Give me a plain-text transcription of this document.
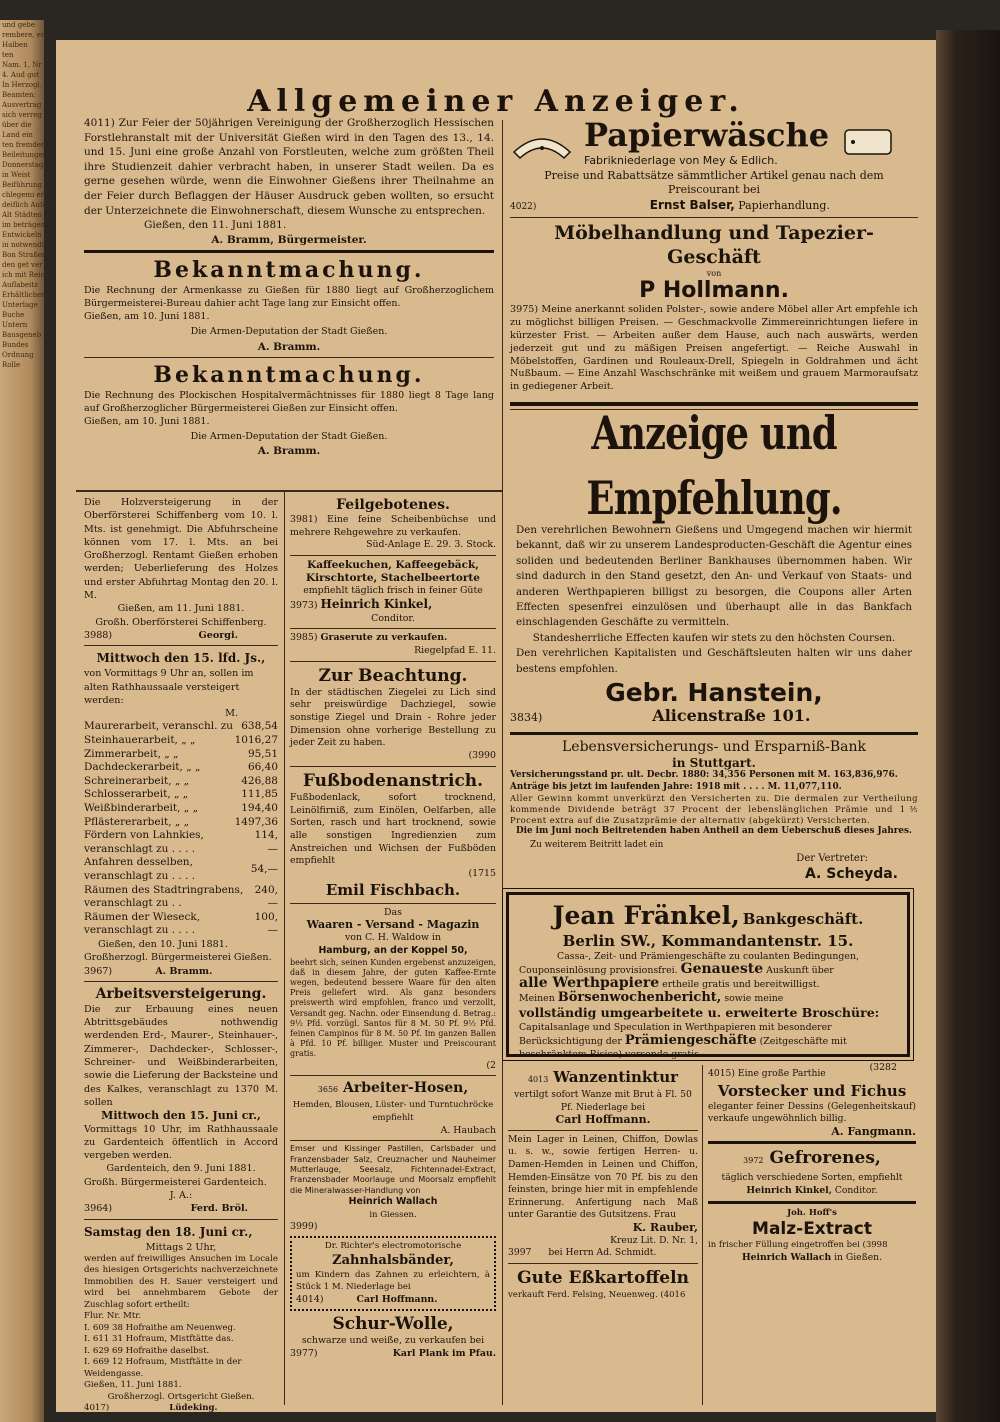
und gebe
rembere, ein
Halben
ten
Nam. 1, Nr
4. Aud gut
In Herzogl.
Beamten:
Ausvertrag
sich verreg
über die
Land ein
ten fremden
Beileitungen
Donnerstag,
in Weist
Beiführung
chlegemi er-
deiflich Aufend
Alt Städten
im beträgen
Entwickeln
in notwendig
Bon Straßen
den get ver
ich mit Reicht
Auflabeitz
Erhältlichen
Unterlage
Buche
Untern
Bausgeneb
Bundes
Ordnung
Rolle
Allgemeiner Anzeiger.

4011) Zur Feier der 50jährigen Vereinigung der Großherzoglich Hessischen Forstlehranstalt mit der Universität Gießen wird in den Tagen des 13., 14. und 15. Juni eine große Anzahl von Forstleuten, welche zum größten Theil ihre Studienzeit dahier verbracht haben, in unserer Stadt weilen. Da es gerne gesehen würde, wenn die Einwohner Gießens ihrer Theilnahme an der Feier durch Beflaggen der Häuser Ausdruck geben wollten, so ersucht der Unterzeichnete die Einwohnerschaft, diesem Wunsche zu entsprechen.

Gießen, den 11. Juni 1881.

A. Bramm, Bürgermeister.

Bekanntmachung.

Die Rechnung der Armenkasse zu Gießen für 1880 liegt auf Großherzoglichem Bürgermeisterei-Bureau dahier acht Tage lang zur Einsicht offen.

Gießen, am 10. Juni 1881.

Die Armen-Deputation der Stadt Gießen.

A. Bramm.

Bekanntmachung.

Die Rechnung des Plockischen Hospitalvermächtnisses für 1880 liegt 8 Tage lang auf Großherzoglicher Bürgermeisterei Gießen zur Einsicht offen.

Gießen, am 10. Juni 1881.

Die Armen-Deputation der Stadt Gießen.

A. Bramm.

Die Holzversteigerung in der Oberförsterei Schiffenberg vom 10. l. Mts. ist genehmigt. Die Abfuhrscheine können vom 17. l. Mts. an bei Großherzogl. Rentamt Gießen erhoben werden; Ueberlieferung des Holzes und erster Abfuhrtag Montag den 20. l. M.

Gießen, am 11. Juni 1881.

Großh. Oberförsterei Schiffenberg.

3988)	Georgi.

Mittwoch den 15. lfd. Js.,

von Vormittags 9 Uhr an, sollen im alten Rathhaussaale versteigert werden:

M.

Maurerarbeit, veranschl. zu	638,54
Steinhauerarbeit, „ „	1016,27
Zimmerarbeit, „ „	95,51
Dachdeckerarbeit, „ „	66,40
Schreinerarbeit, „ „	426,88
Schlosserarbeit, „ „	111,85
Weißbinderarbeit, „ „	194,40
Pflästererarbeit, „ „	1497,36
Fördern von Lahnkies, veranschlagt zu . . . .	114,—
Anfahren desselben, veranschlagt zu . . . .	54,—
Räumen des Stadtringrabens, veranschlagt zu . .	240,—
Räumen der Wieseck, veranschlagt zu . . . .	100,—

Gießen, den 10. Juni 1881.

Großherzogl. Bürgermeisterei Gießen.

3967)	A. Bramm.

Arbeitsversteigerung.

Die zur Erbauung eines neuen Abtrittsgebäudes nothwendig werdenden Erd-, Maurer-, Steinhauer-, Zimmerer-, Dachdecker-, Schlosser-, Schreiner- und Weißbinderarbeiten, sowie die Lieferung der Backsteine und des Kalkes, veranschlagt zu 1370 M. sollen

Mittwoch den 15. Juni cr.,

Vormittags 10 Uhr, im Rathhaussaale zu Gardenteich öffentlich in Accord vergeben werden.

Gardenteich, den 9. Juni 1881.

Großh. Bürgermeisterei Gardenteich.

J. A.:

3964)	Ferd. Bröl.

Samstag den 18. Juni cr.,

Mittags 2 Uhr,

werden auf freiwilliges Ansuchen im Locale des hiesigen Ortsgerichts nachverzeichnete Immobilien des H. Sauer versteigert und wird bei annehmbarem Gebote der Zuschlag sofort ertheilt:

Flur. Nr. Mtr.

I. 609 38 Hofraithe am Neuenweg.
I. 611 31 Hofraum, Mistftätte das.
I. 629 69 Hofraithe daselbst.
I. 669 12 Hofraum, Mistftätte in der Weidengasse.

Gießen, 11. Juni 1881.

Großherzogl. Ortsgericht Gießen.

4017)	Lüdeking.

Feilgebotenes.

3981) Eine feine Scheibenbüchse und mehrere Rehgewehre zu verkaufen.

Süd-Anlage E. 29. 3. Stock.

Kaffeekuchen, Kaffeegebäck, Kirschtorte, Stachelbeertorte

empfiehlt täglich frisch in feiner Güte

3973) Heinrich Kinkel,

Conditor.

3985) Graserute zu verkaufen.

Riegelpfad E. 11.

Zur Beachtung.

In der städtischen Ziegelei zu Lich sind sehr preiswürdige Dachziegel, sowie sonstige Ziegel und Drain - Rohre jeder Dimension ohne vorherige Bestellung zu jeder Zeit zu haben.

(3990

Fußbodenanstrich.

Fußbodenlack, sofort trocknend, Leinölfirniß, zum Einölen, Oelfarben, alle Sorten, rasch und hart trocknend, sowie alle sonstigen Ingredienzien zum Anstreichen und Wichsen der Fußböden empfiehlt

(1715

Emil Fischbach.

Das

Waaren - Versand - Magazin

von C. H. Waldow in

Hamburg, an der Koppel 50,

beehrt sich, seinen Kunden ergebenst anzuzeigen, daß in diesem Jahre, der guten Kaffee-Ernte wegen, bedeutend bessere Waare für den alten Preis geliefert wird. Als ganz besonders preiswerth wird empfohlen, franco und verzollt, Versandt geg. Nachn. oder Einsendung d. Betrag.: 9½ Pfd. vorzügl. Santos für 8 M. 50 Pf. 9½ Pfd. feinen Campinos für 8 M. 50 Pf. Im ganzen Ballen à Pfd. 10 Pf. billiger. Muster und Preiscourant gratis.

(2

3656 Arbeiter-Hosen,

Hemden, Blousen, Lüster- und Turntuchröcke empfiehlt

A. Haubach

Emser und Kissinger Pastillen, Carlsbader und Franzensbader Salz, Creuznacher und Nauheimer Mutterlauge, Seesalz, Fichtennadel-Extract, Franzensbader Moorlauge und Moorsalz empfiehlt die Mineralwasser-Handlung von

Heinrich Wallach

in Giessen.

3999)

Dr. Richter's electromotorische

Zahnhalsbänder,

um Kindern das Zahnen zu erleichtern, à Stück 1 M. Niederlage bei

4014)	Carl Hoffmann.

Schur-Wolle,

schwarze und weiße, zu verkaufen bei

3977)	Karl Plank im Pfau.

Papierwäsche
Fabrikniederlage von Mey & Edlich.

Preise und Rabattsätze sämmtlicher Artikel genau nach dem Preiscourant bei

4022)	Ernst Balser, Papierhandlung.

Möbelhandlung und Tapezier-Geschäft

von

P Hollmann.

3975) Meine anerkannt soliden Polster-, sowie andere Möbel aller Art empfehle ich zu möglichst billigen Preisen. — Geschmackvolle Zimmereinrichtungen liefere in kürzester Frist. — Arbeiten außer dem Hause, auch nach auswärts, werden jederzeit gut und zu mäßigen Preisen angefertigt. — Reiche Auswahl in Möbelstoffen, Gardinen und Rouleaux-Drell, Spiegeln in Goldrahmen und ächt Nußbaum. — Eine Anzahl Waschschränke mit weißem und grauem Marmoraufsatz in gediegener Arbeit.

Anzeige und Empfehlung.

Den verehrlichen Bewohnern Gießens und Umgegend machen wir hiermit bekannt, daß wir zu unserem Landesproducten-Geschäft die Agentur eines soliden und bedeutenden Berliner Bankhauses übernommen haben. Wir sind dadurch in den Stand gesetzt, den An- und Verkauf von Staats- und anderen Werthpapieren billigst zu besorgen, die Coupons aller Arten Effecten spesenfrei einzulösen und überhaupt alle in das Bankfach einschlagenden Geschäfte zu vermitteln.

Standesherrliche Effecten kaufen wir stets zu den höchsten Coursen.

Den verehrlichen Kapitalisten und Geschäftsleuten halten wir uns daher bestens empfohlen.

Gebr. Hanstein,

3834)	Alicenstraße 101.

Lebensversicherungs- und Ersparniß-Bank

in Stuttgart.

Versicherungsstand pr. ult. Decbr. 1880: 34,356 Personen mit M. 163,836,976.

Anträge bis jetzt im laufenden Jahre: 1918 mit . . . . M. 11,077,110.

Aller Gewinn kommt unverkürzt den Versicherten zu. Die dermalen zur Vertheilung kommende Dividende beträgt 37 Procent der lebenslänglichen Prämie und 1⅗ Procent extra auf die Zusatzprämie der alternativ (abgekürzt) Versicherten.

Die im Juni noch Beitretenden haben Antheil an dem Ueberschuß dieses Jahres.

Zu weiterem Beitritt ladet ein

Der Vertreter:

A. Scheyda.

Jean Fränkel, Bankgeschäft.

Berlin SW., Kommandantenstr. 15.

Cassa-, Zeit- und Prämiengeschäfte zu coulanten Bedingungen,

Couponseinlösung provisionsfrei. Genaueste Auskunft über

alle Werthpapiere ertheile gratis und bereitwilligst.

Meinen Börsenwochenbericht, sowie meine

vollständig umgearbeitete u. erweiterte Broschüre:

Capitalsanlage und Speculation in Werthpapieren mit besonderer Berücksichtigung der Prämiengeschäfte (Zeitgeschäfte mit beschränktem Risico) versende gratis.

(3282

4013 Wanzentinktur

vertilgt sofort Wanze mit Brut à Fl. 50 Pf. Niederlage bei

Carl Hoffmann.

Mein Lager in Leinen, Chiffon, Dowlas u. s. w., sowie fertigen Herren- u. Damen-Hemden in Leinen und Chiffon, Hemden-Einsätze von 70 Pf. bis zu den feinsten, bringe hier mit in empfehlende Erinnerung. Anfertigung nach Maß unter Garantie des Gutsitzens. Frau

K. Rauber,

Kreuz Lit. D. Nr. 1,

3997 bei Herrn Ad. Schmidt.

Gute Eßkartoffeln

verkauft Ferd. Felsing, Neuenweg. (4016

4015) Eine große Parthie

Vorstecker und Fichus

eleganter feiner Dessins (Gelegenheitskauf) verkaufe ungewöhnlich billig.

A. Fangmann.

3972 Gefrorenes,

täglich verschiedene Sorten, empfiehlt

Heinrich Kinkel, Conditor.

Joh. Hoff's

Malz-Extract

in frischer Füllung eingetroffen bei (3998

Heinrich Wallach in Gießen.
